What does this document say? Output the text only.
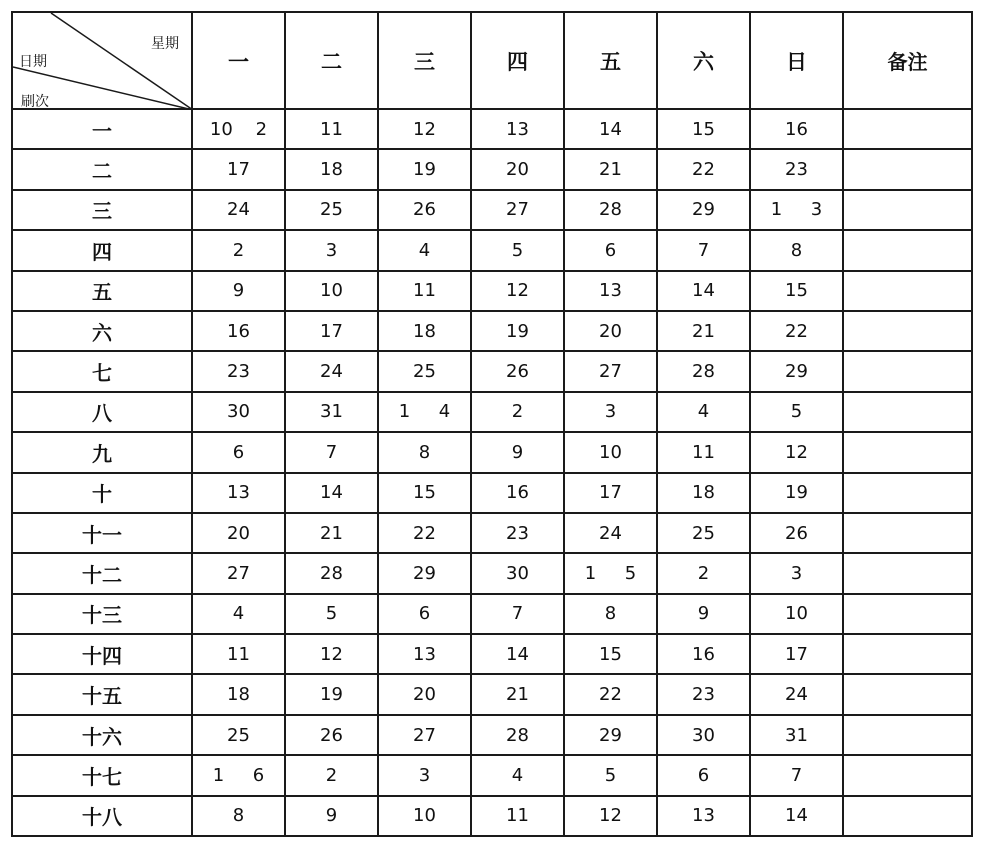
星期
日期
刷次	一	二	三	四	五	六	日	备注
一	10    2	11	12	13	14	15	16	
二	17	18	19	20	21	22	23	
三	24	25	26	27	28	29	1     3	
四	2	3	4	5	6	7	8	
五	9	10	11	12	13	14	15	
六	16	17	18	19	20	21	22	
七	23	24	25	26	27	28	29	
八	30	31	1     4	2	3	4	5	
九	6	7	8	9	10	11	12	
十	13	14	15	16	17	18	19	
十一	20	21	22	23	24	25	26	
十二	27	28	29	30	1     5	2	3	
十三	4	5	6	7	8	9	10	
十四	11	12	13	14	15	16	17	
十五	18	19	20	21	22	23	24	
十六	25	26	27	28	29	30	31	
十七	1     6	2	3	4	5	6	7	
十八	8	9	10	11	12	13	14	
